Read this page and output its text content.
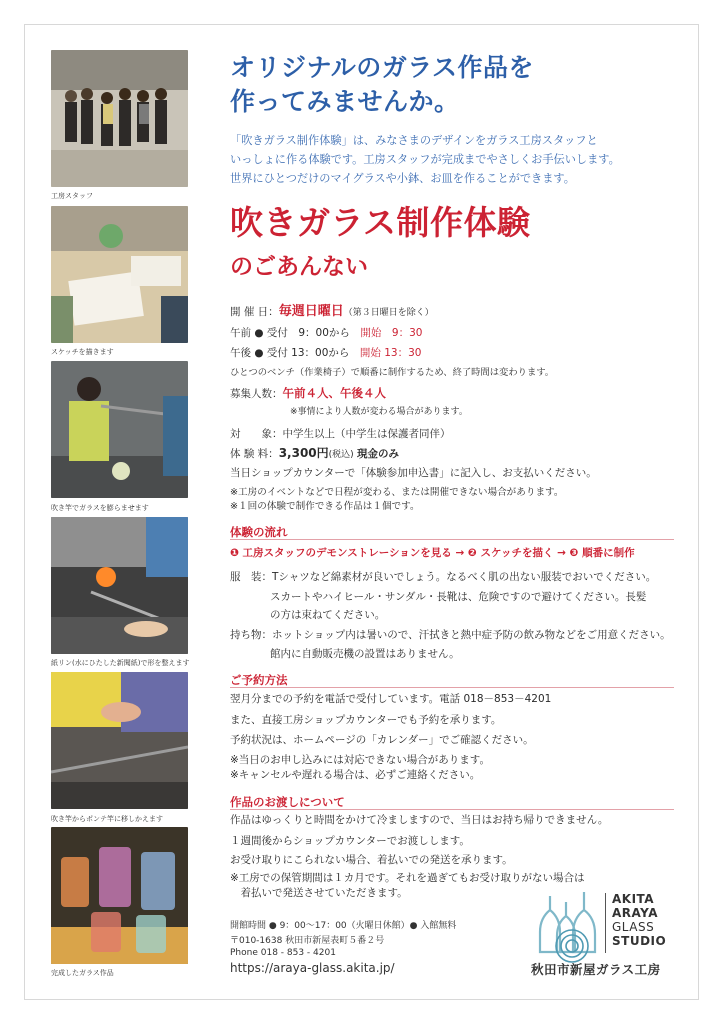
工房スタッフ
スケッチを描きます
吹き竿でガラスを膨らませます
紙リン(水にひたした新聞紙)で形を整えます
吹き竿からポンテ竿に移しかえます
完成したガラス作品
オリジナルのガラス作品を
作ってみませんか。
「吹きガラス制作体験」は、みなさまのデザインをガラス工房スタッフと
いっしょに作る体験です。工房スタッフが完成までやさしくお手伝いします。
世界にひとつだけのマイグラスや小鉢、お皿を作ることができます。
吹きガラス制作体験
のごあんない
開 催 日：毎週日曜日（第３日曜日を除く）
午前 ● 受付　9：00から　 開始　9：30
午後 ● 受付 13：00から　 開始 13：30
ひとつのベンチ（作業椅子）で順番に制作するため、終了時間は変わります。
募集人数：午前４人、午後４人
※事情により人数が変わる場合があります。
対　　象：中学生以上（中学生は保護者同伴）
体 験 料：3,300円(税込) 現金のみ
当日ショップカウンターで「体験参加申込書」に記入し、お支払いください。
※工房のイベントなどで日程が変わる、または開催できない場合があります。
※１回の体験で制作できる作品は１個です。
体験の流れ
❶ 工房スタッフのデモンストレーションを見る → ❷ スケッチを描く → ❸ 順番に制作
服　装：Tシャツなど綿素材が良いでしょう。なるべく肌の出ない服装でおいでください。
スカートやハイヒール・サンダル・長靴は、危険ですので避けてください。長髪
の方は束ねてください。
持ち物：ホットショップ内は暑いので、汗拭きと熱中症予防の飲み物などをご用意ください。
館内に自動販売機の設置はありません。
ご予約方法
翌月分までの予約を電話で受付しています。電話 018－853－4201
また、直接工房ショップカウンターでも予約を承ります。
予約状況は、ホームページの「カレンダー」でご確認ください。
※当日のお申し込みには対応できない場合があります。
※キャンセルや遅れる場合は、必ずご連絡ください。
作品のお渡しについて
作品はゆっくりと時間をかけて冷ましますので、当日はお持ち帰りできません。
１週間後からショップカウンターでお渡しします。
お受け取りにこられない場合、着払いでの発送を承ります。
※工房での保管期間は１カ月です。それを過ぎてもお受け取りがない場合は
　着払いで発送させていただきます。
開館時間 ● 9：00～17：00（火曜日休館）● 入館無料
〒010-1638 秋田市新屋表町５番２号
Phone 018 - 853 - 4201
https://araya-glass.akita.jp/
AKITA
ARAYA
GLASS
STUDIO
秋田市新屋ガラス工房
